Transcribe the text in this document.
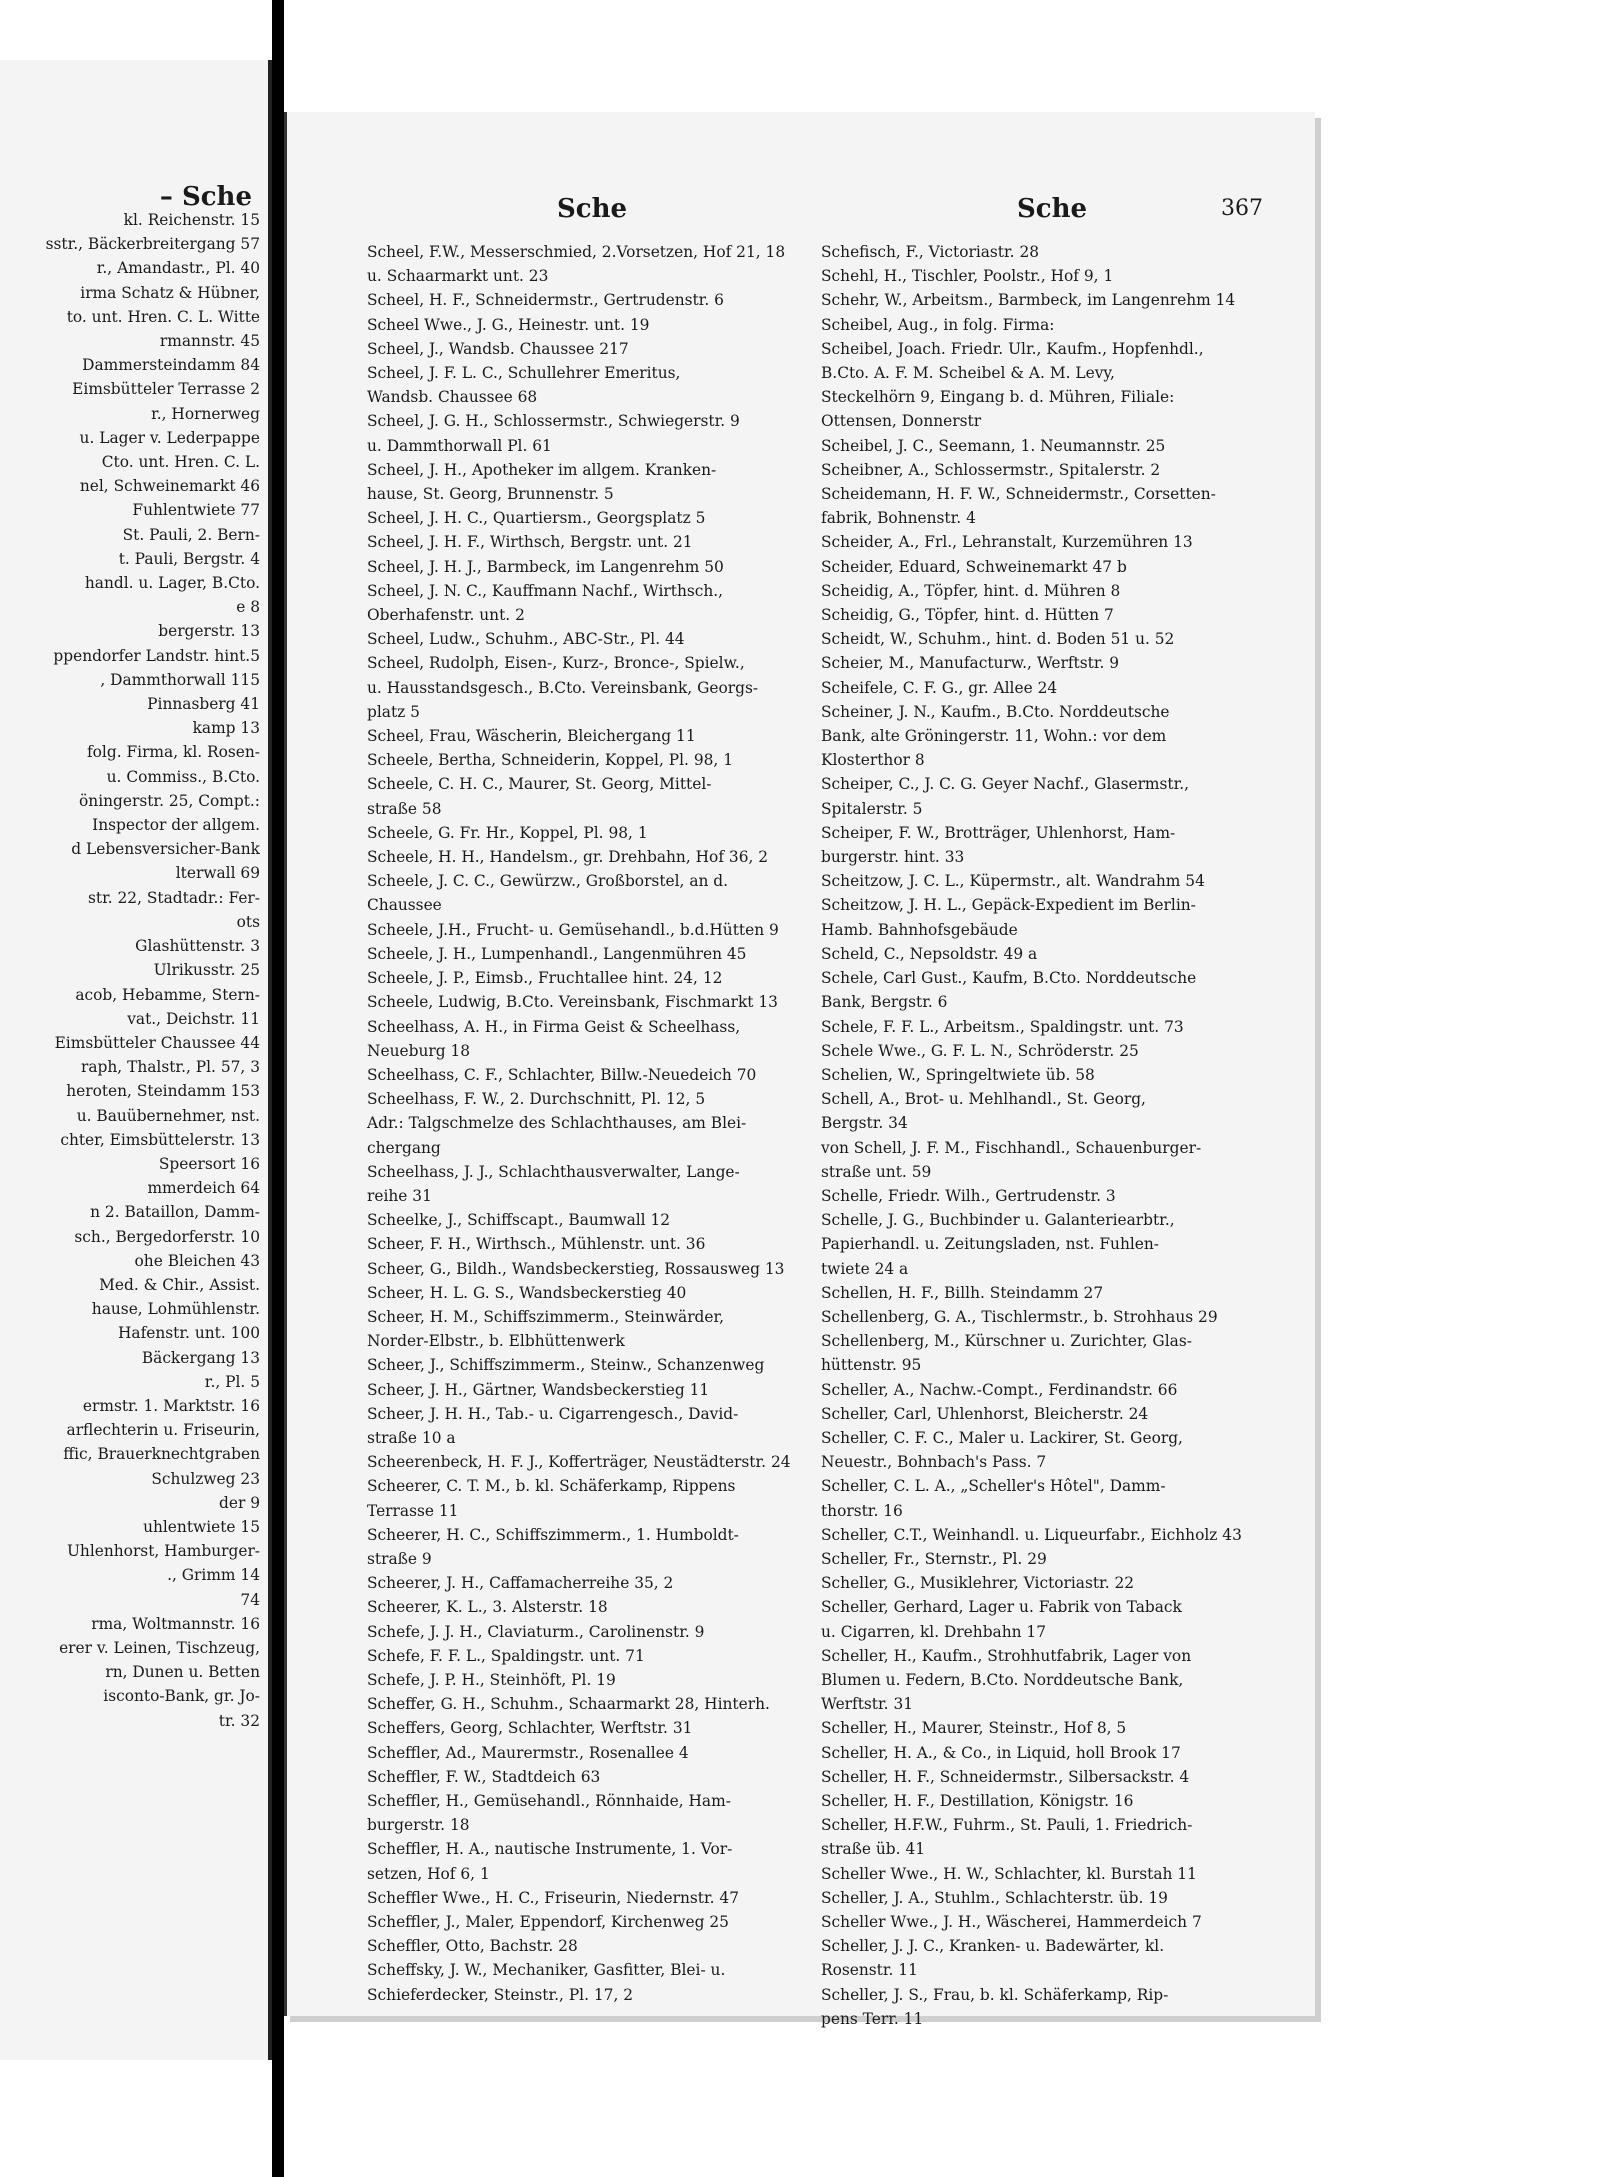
– Sche
kl. Reichenstr. 15
sstr., Bäckerbreitergang 57
r., Amandastr., Pl. 40
irma Schatz & Hübner,
to. unt. Hren. C. L. Witte
rmannstr. 45
Dammersteindamm 84
Eimsbütteler Terrasse 2
r., Hornerweg
u. Lager v. Lederpappe
Cto. unt. Hren. C. L.
nel, Schweinemarkt 46
Fuhlentwiete 77
St. Pauli, 2. Bern-
t. Pauli, Bergstr. 4
handl. u. Lager, B.Cto.
e 8
bergerstr. 13
ppendorfer Landstr. hint.5
, Dammthorwall 115
Pinnasberg 41
kamp 13
folg. Firma, kl. Rosen-
u. Commiss., B.Cto.
öningerstr. 25, Compt.:
Inspector der allgem.
d Lebensversicher-Bank
lterwall 69
str. 22, Stadtadr.: Fer-
ots
Glashüttenstr. 3
Ulrikusstr. 25
acob, Hebamme, Stern-
vat., Deichstr. 11
Eimsbütteler Chaussee 44
raph, Thalstr., Pl. 57, 3
heroten, Steindamm 153
u. Bauübernehmer, nst.
chter, Eimsbüttelerstr. 13
Speersort 16
mmerdeich 64
n 2. Bataillon, Damm-
sch., Bergedorferstr. 10
ohe Bleichen 43
Med. & Chir., Assist.
hause, Lohmühlenstr.
Hafenstr. unt. 100
Bäckergang 13
r., Pl. 5
ermstr. 1. Marktstr. 16
arflechterin u. Friseurin,
ffic, Brauerknechtgraben
Schulzweg 23
der 9
uhlentwiete 15
Uhlenhorst, Hamburger-
., Grimm 14
74
rma, Woltmannstr. 16
erer v. Leinen, Tischzeug,
rn, Dunen u. Betten
isconto-Bank, gr. Jo-
tr. 32
Sche	Sche	367
Scheel, F.W., Messerschmied, 2.Vorsetzen, Hof 21, 18
u. Schaarmarkt unt. 23
Scheel, H. F., Schneidermstr., Gertrudenstr. 6
Scheel Wwe., J. G., Heinestr. unt. 19
Scheel, J., Wandsb. Chaussee 217
Scheel, J. F. L. C., Schullehrer Emeritus,
Wandsb. Chaussee 68
Scheel, J. G. H., Schlossermstr., Schwiegerstr. 9
u. Dammthorwall Pl. 61
Scheel, J. H., Apotheker im allgem. Kranken-
hause, St. Georg, Brunnenstr. 5
Scheel, J. H. C., Quartiersm., Georgsplatz 5
Scheel, J. H. F., Wirthsch, Bergstr. unt. 21
Scheel, J. H. J., Barmbeck, im Langenrehm 50
Scheel, J. N. C., Kauffmann Nachf., Wirthsch.,
Oberhafenstr. unt. 2
Scheel, Ludw., Schuhm., ABC-Str., Pl. 44
Scheel, Rudolph, Eisen-, Kurz-, Bronce-, Spielw.,
u. Hausstandsgesch., B.Cto. Vereinsbank, Georgs-
platz 5
Scheel, Frau, Wäscherin, Bleichergang 11
Scheele, Bertha, Schneiderin, Koppel, Pl. 98, 1
Scheele, C. H. C., Maurer, St. Georg, Mittel-
straße 58
Scheele, G. Fr. Hr., Koppel, Pl. 98, 1
Scheele, H. H., Handelsm., gr. Drehbahn, Hof 36, 2
Scheele, J. C. C., Gewürzw., Großborstel, an d.
Chaussee
Scheele, J.H., Frucht- u. Gemüsehandl., b.d.Hütten 9
Scheele, J. H., Lumpenhandl., Langenmühren 45
Scheele, J. P., Eimsb., Fruchtallee hint. 24, 12
Scheele, Ludwig, B.Cto. Vereinsbank, Fischmarkt 13
Scheelhass, A. H., in Firma Geist & Scheelhass,
Neueburg 18
Scheelhass, C. F., Schlachter, Billw.-Neuedeich 70
Scheelhass, F. W., 2. Durchschnitt, Pl. 12, 5
Adr.: Talgschmelze des Schlachthauses, am Blei-
chergang
Scheelhass, J. J., Schlachthausverwalter, Lange-
reihe 31
Scheelke, J., Schiffscapt., Baumwall 12
Scheer, F. H., Wirthsch., Mühlenstr. unt. 36
Scheer, G., Bildh., Wandsbeckerstieg, Rossausweg 13
Scheer, H. L. G. S., Wandsbeckerstieg 40
Scheer, H. M., Schiffszimmerm., Steinwärder,
Norder-Elbstr., b. Elbhüttenwerk
Scheer, J., Schiffszimmerm., Steinw., Schanzenweg
Scheer, J. H., Gärtner, Wandsbeckerstieg 11
Scheer, J. H. H., Tab.- u. Cigarrengesch., David-
straße 10 a
Scheerenbeck, H. F. J., Kofferträger, Neustädterstr. 24
Scheerer, C. T. M., b. kl. Schäferkamp, Rippens
Terrasse 11
Scheerer, H. C., Schiffszimmerm., 1. Humboldt-
straße 9
Scheerer, J. H., Caffamacherreihe 35, 2
Scheerer, K. L., 3. Alsterstr. 18
Schefe, J. J. H., Claviaturm., Carolinenstr. 9
Schefe, F. F. L., Spaldingstr. unt. 71
Schefe, J. P. H., Steinhöft, Pl. 19
Scheffer, G. H., Schuhm., Schaarmarkt 28, Hinterh.
Scheffers, Georg, Schlachter, Werftstr. 31
Scheffler, Ad., Maurermstr., Rosenallee 4
Scheffler, F. W., Stadtdeich 63
Scheffler, H., Gemüsehandl., Rönnhaide, Ham-
burgerstr. 18
Scheffler, H. A., nautische Instrumente, 1. Vor-
setzen, Hof 6, 1
Scheffler Wwe., H. C., Friseurin, Niedernstr. 47
Scheffler, J., Maler, Eppendorf, Kirchenweg 25
Scheffler, Otto, Bachstr. 28
Scheffsky, J. W., Mechaniker, Gasfitter, Blei- u.
Schieferdecker, Steinstr., Pl. 17, 2
Schefisch, F., Victoriastr. 28
Schehl, H., Tischler, Poolstr., Hof 9, 1
Schehr, W., Arbeitsm., Barmbeck, im Langenrehm 14
Scheibel, Aug., in folg. Firma:
Scheibel, Joach. Friedr. Ulr., Kaufm., Hopfenhdl.,
B.Cto. A. F. M. Scheibel & A. M. Levy,
Steckelhörn 9, Eingang b. d. Mühren, Filiale:
Ottensen, Donnerstr
Scheibel, J. C., Seemann, 1. Neumannstr. 25
Scheibner, A., Schlossermstr., Spitalerstr. 2
Scheidemann, H. F. W., Schneidermstr., Corsetten-
fabrik, Bohnenstr. 4
Scheider, A., Frl., Lehranstalt, Kurzemühren 13
Scheider, Eduard, Schweinemarkt 47 b
Scheidig, A., Töpfer, hint. d. Mühren 8
Scheidig, G., Töpfer, hint. d. Hütten 7
Scheidt, W., Schuhm., hint. d. Boden 51 u. 52
Scheier, M., Manufacturw., Werftstr. 9
Scheifele, C. F. G., gr. Allee 24
Scheiner, J. N., Kaufm., B.Cto. Norddeutsche
Bank, alte Gröningerstr. 11, Wohn.: vor dem
Klosterthor 8
Scheiper, C., J. C. G. Geyer Nachf., Glasermstr.,
Spitalerstr. 5
Scheiper, F. W., Brotträger, Uhlenhorst, Ham-
burgerstr. hint. 33
Scheitzow, J. C. L., Küpermstr., alt. Wandrahm 54
Scheitzow, J. H. L., Gepäck-Expedient im Berlin-
Hamb. Bahnhofsgebäude
Scheld, C., Nepsoldstr. 49 a
Schele, Carl Gust., Kaufm, B.Cto. Norddeutsche
Bank, Bergstr. 6
Schele, F. F. L., Arbeitsm., Spaldingstr. unt. 73
Schele Wwe., G. F. L. N., Schröderstr. 25
Schelien, W., Springeltwiete üb. 58
Schell, A., Brot- u. Mehlhandl., St. Georg,
Bergstr. 34
von Schell, J. F. M., Fischhandl., Schauenburger-
straße unt. 59
Schelle, Friedr. Wilh., Gertrudenstr. 3
Schelle, J. G., Buchbinder u. Galanteriearbtr.,
Papierhandl. u. Zeitungsladen, nst. Fuhlen-
twiete 24 a
Schellen, H. F., Billh. Steindamm 27
Schellenberg, G. A., Tischlermstr., b. Strohhaus 29
Schellenberg, M., Kürschner u. Zurichter, Glas-
hüttenstr. 95
Scheller, A., Nachw.-Compt., Ferdinandstr. 66
Scheller, Carl, Uhlenhorst, Bleicherstr. 24
Scheller, C. F. C., Maler u. Lackirer, St. Georg,
Neuestr., Bohnbach's Pass. 7
Scheller, C. L. A., „Scheller's Hôtel", Damm-
thorstr. 16
Scheller, C.T., Weinhandl. u. Liqueurfabr., Eichholz 43
Scheller, Fr., Sternstr., Pl. 29
Scheller, G., Musiklehrer, Victoriastr. 22
Scheller, Gerhard, Lager u. Fabrik von Taback
u. Cigarren, kl. Drehbahn 17
Scheller, H., Kaufm., Strohhutfabrik, Lager von
Blumen u. Federn, B.Cto. Norddeutsche Bank,
Werftstr. 31
Scheller, H., Maurer, Steinstr., Hof 8, 5
Scheller, H. A., & Co., in Liquid, holl Brook 17
Scheller, H. F., Schneidermstr., Silbersackstr. 4
Scheller, H. F., Destillation, Königstr. 16
Scheller, H.F.W., Fuhrm., St. Pauli, 1. Friedrich-
straße üb. 41
Scheller Wwe., H. W., Schlachter, kl. Burstah 11
Scheller, J. A., Stuhlm., Schlachterstr. üb. 19
Scheller Wwe., J. H., Wäscherei, Hammerdeich 7
Scheller, J. J. C., Kranken- u. Badewärter, kl.
Rosenstr. 11
Scheller, J. S., Frau, b. kl. Schäferkamp, Rip-
pens Terr. 11
